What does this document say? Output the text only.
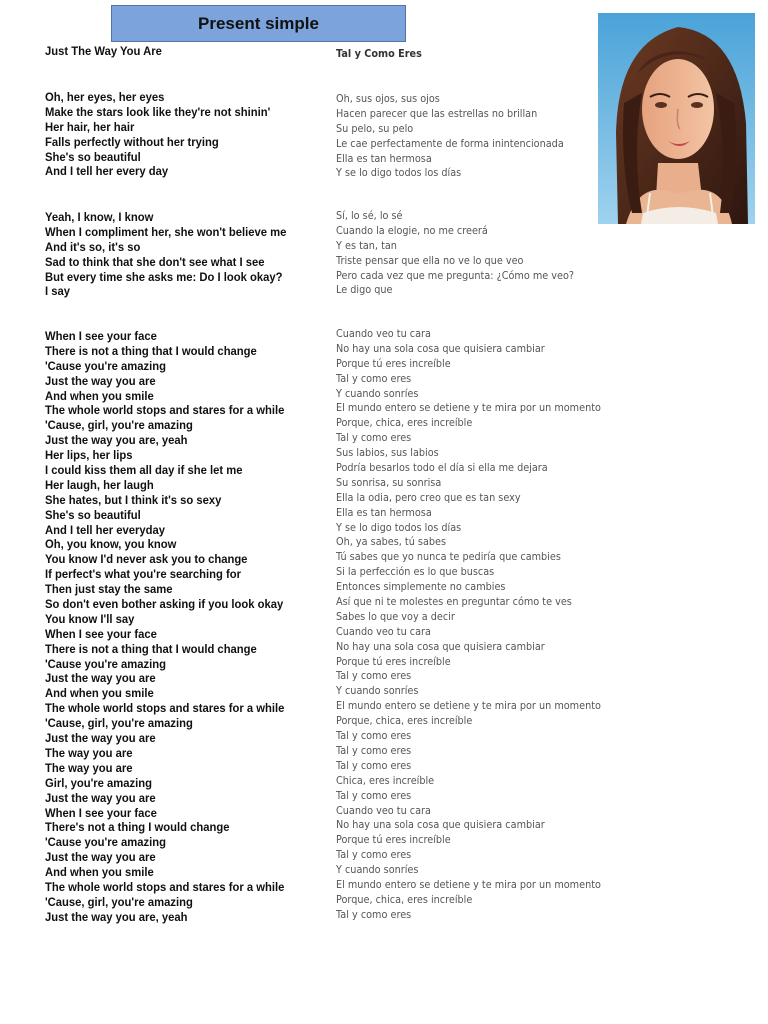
Present simple
Just The Way You Are
Oh, her eyes, her eyes
Make the stars look like they're not shinin'
Her hair, her hair
Falls perfectly without her trying
She's so beautiful
And I tell her every day
Yeah, I know, I know
When I compliment her, she won't believe me
And it's so, it's so
Sad to think that she don't see what I see
But every time she asks me: Do I look okay?
I say
When I see your face
There is not a thing that I would change
'Cause you're amazing
Just the way you are
And when you smile
The whole world stops and stares for a while
'Cause, girl, you're amazing
Just the way you are, yeah
Her lips, her lips
I could kiss them all day if she let me
Her laugh, her laugh
She hates, but I think it's so sexy
She's so beautiful
And I tell her everyday
Oh, you know, you know
You know I'd never ask you to change
If perfect's what you're searching for
Then just stay the same
So don't even bother asking if you look okay
You know I'll say
When I see your face
There is not a thing that I would change
'Cause you're amazing
Just the way you are
And when you smile
The whole world stops and stares for a while
'Cause, girl, you're amazing
Just the way you are
The way you are
The way you are
Girl, you're amazing
Just the way you are
When I see your face
There's not a thing I would change
'Cause you're amazing
Just the way you are
And when you smile
The whole world stops and stares for a while
'Cause, girl, you're amazing
Just the way you are, yeah
Tal y Como Eres
Oh, sus ojos, sus ojos
Hacen parecer que las estrellas no brillan
Su pelo, su pelo
Le cae perfectamente de forma inintencionada
Ella es tan hermosa
Y se lo digo todos los días
Sí, lo sé, lo sé
Cuando la elogie, no me creerá
Y es tan, tan
Triste pensar que ella no ve lo que veo
Pero cada vez que me pregunta: ¿Cómo me veo?
Le digo que
Cuando veo tu cara
No hay una sola cosa que quisiera cambiar
Porque tú eres increíble
Tal y como eres
Y cuando sonríes
El mundo entero se detiene y te mira por un momento
Porque, chica, eres increíble
Tal y como eres
Sus labios, sus labios
Podría besarlos todo el día si ella me dejara
Su sonrisa, su sonrisa
Ella la odia, pero creo que es tan sexy
Ella es tan hermosa
Y se lo digo todos los días
Oh, ya sabes, tú sabes
Tú sabes que yo nunca te pediría que cambies
Si la perfección es lo que buscas
Entonces simplemente no cambies
Así que ni te molestes en preguntar cómo te ves
Sabes lo que voy a decir
Cuando veo tu cara
No hay una sola cosa que quisiera cambiar
Porque tú eres increíble
Tal y como eres
Y cuando sonríes
El mundo entero se detiene y te mira por un momento
Porque, chica, eres increíble
Tal y como eres
Tal y como eres
Tal y como eres
Chica, eres increíble
Tal y como eres
Cuando veo tu cara
No hay una sola cosa que quisiera cambiar
Porque tú eres increíble
Tal y como eres
Y cuando sonríes
El mundo entero se detiene y te mira por un momento
Porque, chica, eres increíble
Tal y como eres
